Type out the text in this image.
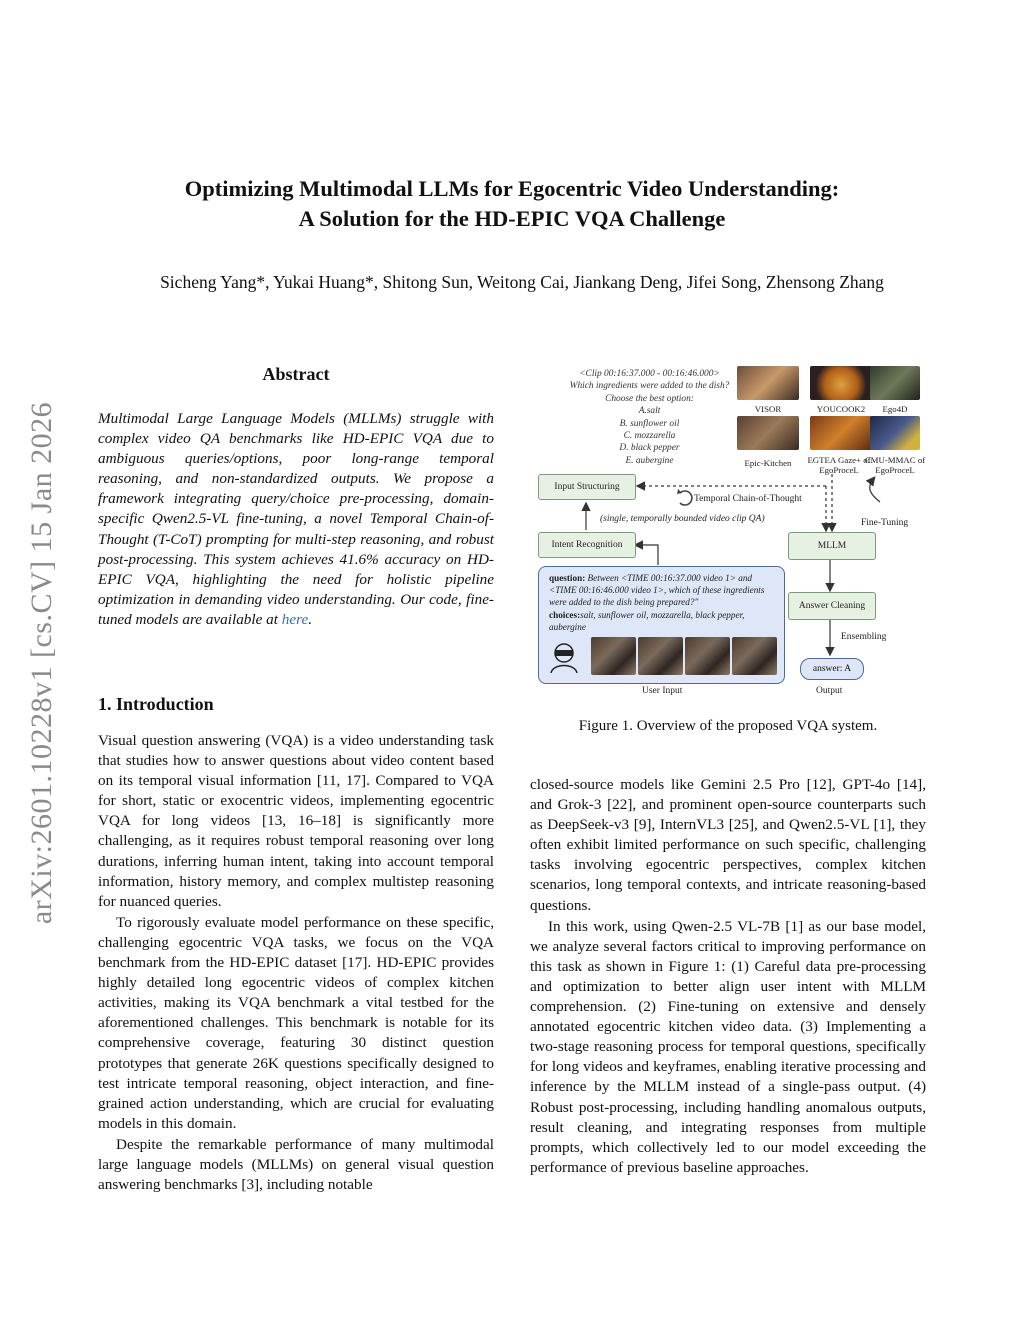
arXiv:2601.10228v1 [cs.CV] 15 Jan 2026
Optimizing Multimodal LLMs for Egocentric Video Understanding:
A Solution for the HD-EPIC VQA Challenge
Sicheng Yang*, Yukai Huang*, Shitong Sun, Weitong Cai, Jiankang Deng, Jifei Song, Zhensong Zhang
Abstract
Multimodal Large Language Models (MLLMs) struggle with complex video QA benchmarks like HD-EPIC VQA due to ambiguous queries/options, poor long-range temporal reasoning, and non-standardized outputs. We propose a framework integrating query/choice pre-processing, domain-specific Qwen2.5-VL fine-tuning, a novel Temporal Chain-of-Thought (T-CoT) prompting for multi-step reasoning, and robust post-processing. This system achieves 41.6% accuracy on HD-EPIC VQA, highlighting the need for holistic pipeline optimization in demanding video understanding. Our code, fine-tuned models are available at here.
1. Introduction

Visual question answering (VQA) is a video understanding task that studies how to answer questions about video content based on its temporal visual information [11, 17]. Compared to VQA for short, static or exocentric videos, implementing egocentric VQA for long videos [13, 16–18] is significantly more challenging, as it requires robust temporal reasoning over long durations, inferring human intent, taking into account temporal information, history memory, and complex multistep reasoning for nuanced queries.

To rigorously evaluate model performance on these specific, challenging egocentric VQA tasks, we focus on the VQA benchmark from the HD-EPIC dataset [17]. HD-EPIC provides highly detailed long egocentric videos of complex kitchen activities, making its VQA benchmark a vital testbed for the aforementioned challenges. This benchmark is notable for its comprehensive coverage, featuring 30 distinct question prototypes that generate 26K questions specifically designed to test intricate temporal reasoning, object interaction, and fine-grained action understanding, which are crucial for evaluating models in this domain.

Despite the remarkable performance of many multimodal large language models (MLLMs) on general visual question answering benchmarks [3], including notable

closed-source models like Gemini 2.5 Pro [12], GPT-4o [14], and Grok-3 [22], and prominent open-source counterparts such as DeepSeek-v3 [9], InternVL3 [25], and Qwen2.5-VL [1], they often exhibit limited performance on such specific, challenging tasks involving egocentric perspectives, complex kitchen scenarios, long temporal contexts, and intricate reasoning-based questions.

In this work, using Qwen-2.5 VL-7B [1] as our base model, we analyze several factors critical to improving performance on this task as shown in Figure 1: (1) Careful data pre-processing and optimization to better align user intent with MLLM comprehension. (2) Fine-tuning on extensive and densely annotated egocentric kitchen video data. (3) Implementing a two-stage reasoning process for temporal questions, specifically for long videos and keyframes, enabling iterative processing and inference by the MLLM instead of a single-pass output. (4) Robust post-processing, including handling anomalous outputs, result cleaning, and integrating responses from multiple prompts, which collectively led to our model exceeding the performance of previous baseline approaches.

<Clip 00:16:37.000 - 00:16:46.000>
Which ingredients were added to the dish?
Choose the best option:
A.salt
B. sunflower oil
C. mozzarella
D. black pepper
E. aubergine
VISOR	YOUCOOK2	Ego4D
Epic-Kitchen	EGTEA Gaze+ of EgoProceL
CMU-MMAC of EgoProceL
Input Structuring
Temporal Chain-of-Thought
(single, temporally bounded video clip QA)	Fine-Tuning
Intent Recognition	MLLM
Answer Cleaning
Ensembling
question: Between <TIME 00:16:37.000 video 1> and <TIME 00:16:46.000 video 1>, which of these ingredients were added to the dish being prepared?"
choices:salt, sunflower oil, mozzarella, black pepper, aubergine
answer: A
User Input	Output
Figure 1. Overview of the proposed VQA system.
